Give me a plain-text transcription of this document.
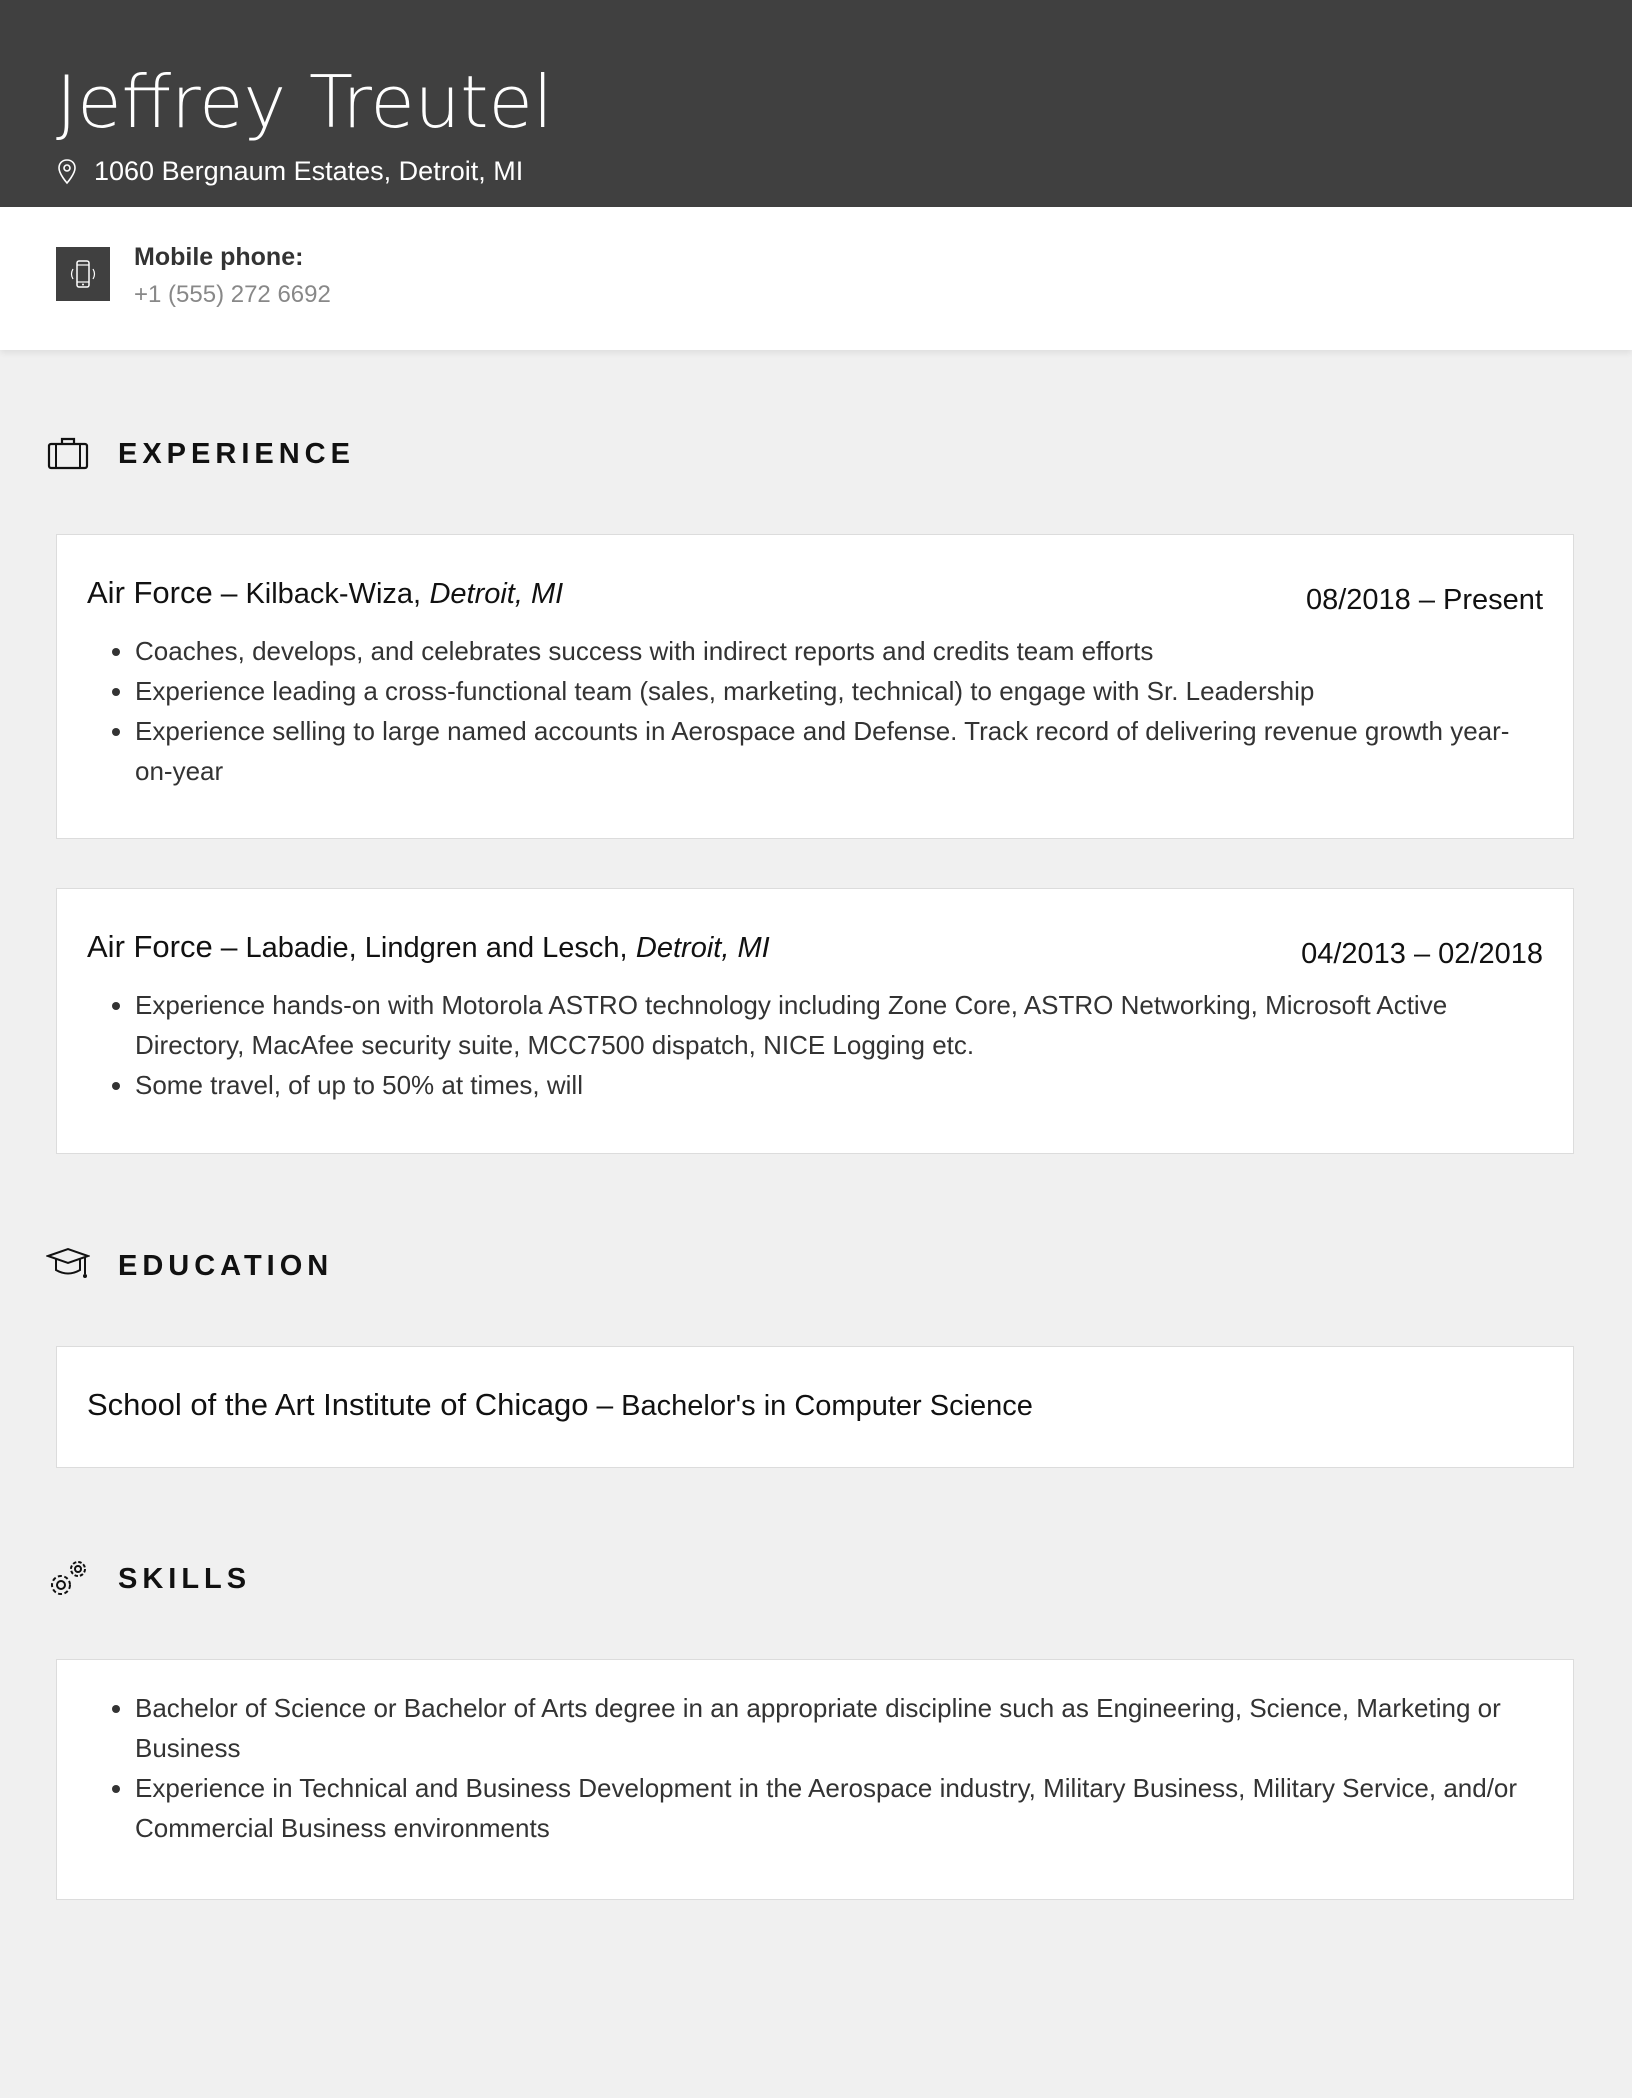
Jeffrey Treutel
1060 Bergnaum Estates, Detroit, MI
Mobile phone:
+1 (555) 272 6692
EXPERIENCE
Air Force – Kilback-Wiza, Detroit, MI	08/2018 – Present
• Coaches, develops, and celebrates success with indirect reports and credits team efforts
• Experience leading a cross-functional team (sales, marketing, technical) to engage with Sr. Leadership
• Experience selling to large named accounts in Aerospace and Defense. Track record of delivering revenue growth year-on-year
Air Force – Labadie, Lindgren and Lesch, Detroit, MI	04/2013 – 02/2018
• Experience hands-on with Motorola ASTRO technology including Zone Core, ASTRO Networking, Microsoft Active Directory, MacAfee security suite, MCC7500 dispatch, NICE Logging etc.
• Some travel, of up to 50% at times, will
EDUCATION
School of the Art Institute of Chicago – Bachelor's in Computer Science
SKILLS
• Bachelor of Science or Bachelor of Arts degree in an appropriate discipline such as Engineering, Science, Marketing or Business
• Experience in Technical and Business Development in the Aerospace industry, Military Business, Military Service, and/or Commercial Business environments
